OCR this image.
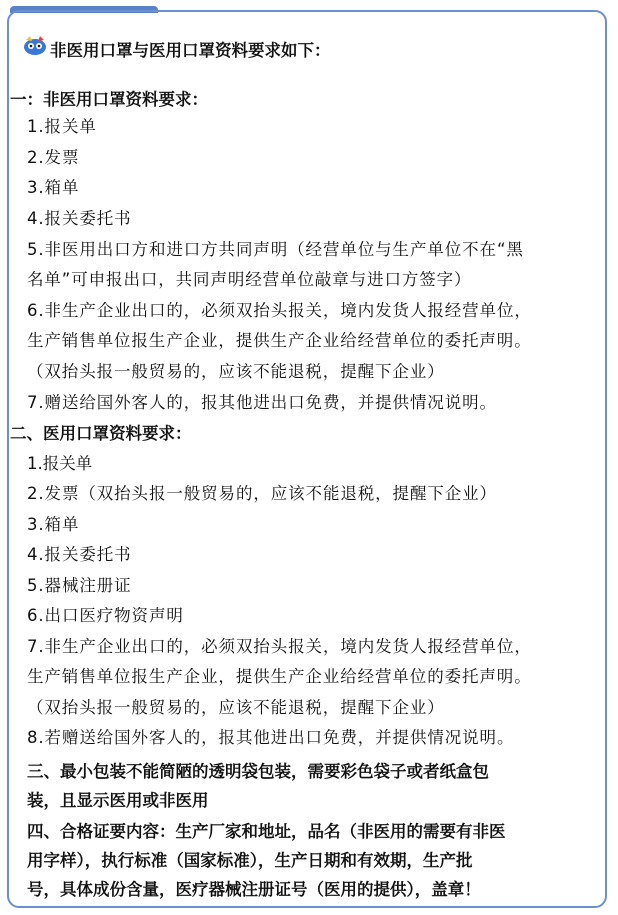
非医用口罩与医用口罩资料要求如下：
一：非医用口罩资料要求：
1.报关单
2.发票
3.箱单
4.报关委托书
5.非医用出口方和进口方共同声明（经营单位与生产单位不在“黑
名单”可申报出口，共同声明经营单位敲章与进口方签字）
6.非生产企业出口的，必须双抬头报关，境内发货人报经营单位，
生产销售单位报生产企业，提供生产企业给经营单位的委托声明。
（双抬头报一般贸易的，应该不能退税，提醒下企业）
7.赠送给国外客人的，报其他进出口免费，并提供情况说明。
二、医用口罩资料要求：
1.报关单
2.发票（双抬头报一般贸易的，应该不能退税，提醒下企业）
3.箱单
4.报关委托书
5.器械注册证
6.出口医疗物资声明
7.非生产企业出口的，必须双抬头报关，境内发货人报经营单位，
生产销售单位报生产企业，提供生产企业给经营单位的委托声明。
（双抬头报一般贸易的，应该不能退税，提醒下企业）
8.若赠送给国外客人的，报其他进出口免费，并提供情况说明。
三、最小包装不能简陋的透明袋包装，需要彩色袋子或者纸盒包
装，且显示医用或非医用
四、合格证要内容：生产厂家和地址，品名（非医用的需要有非医
用字样），执行标准（国家标准），生产日期和有效期，生产批
号，具体成份含量，医疗器械注册证号（医用的提供），盖章！
